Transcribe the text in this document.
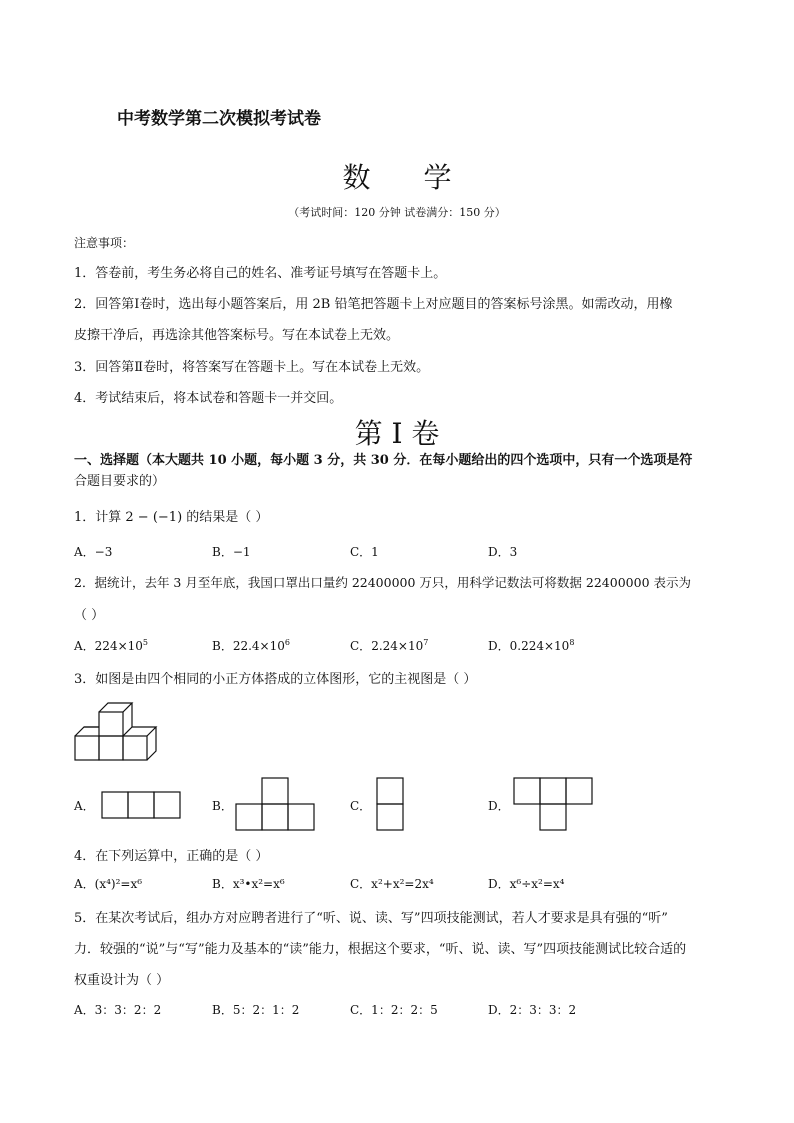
中考数学第二次模拟考试卷
数 学
（考试时间：120 分钟 试卷满分：150 分）
注意事项：
1．答卷前，考生务必将自己的姓名、准考证号填写在答题卡上。
2．回答第Ⅰ卷时，选出每小题答案后，用 2B 铅笔把答题卡上对应题目的答案标号涂黑。如需改动，用橡
皮擦干净后，再选涂其他答案标号。写在本试卷上无效。
3．回答第Ⅱ卷时，将答案写在答题卡上。写在本试卷上无效。
4．考试结束后，将本试卷和答题卡一并交回。
第 I 卷
一、选择题（本大题共 10 小题，每小题 3 分，共 30 分．在每小题给出的四个选项中，只有一个选项是符
合题目要求的）
1．计算 2 − (−1) 的结果是（ ）
A．−3	B．−1	C．1	D．3
2．据统计，去年 3 月至年底，我国口罩出口量约 22400000 万只，用科学记数法可将数据 22400000 表示为
（ ）
A．$224\times 10^5$	B．$22.4\times 10^6$	C．$2.24\times 10^7$	D．$0.224\times 10^8$
3．如图是由四个相同的小正方体搭成的立体图形，它的主视图是（ ）
A．	B．	C．	D．
4．在下列运算中，正确的是（ ）
A．(x⁴)²=x⁶	B．x³•x²=x⁶	C．x²+x²=2x⁴	D．x⁶÷x²=x⁴
5．在某次考试后，组办方对应聘者进行了“听、说、读、写”四项技能测试，若人才要求是具有强的“听”
力．较强的“说”与“写”能力及基本的“读”能力，根据这个要求，“听、说、读、写”四项技能测试比较合适的
权重设计为（ ）
A．3：3：2：2	B．5：2：1：2	C．1：2：2：5	D．2：3：3：2
